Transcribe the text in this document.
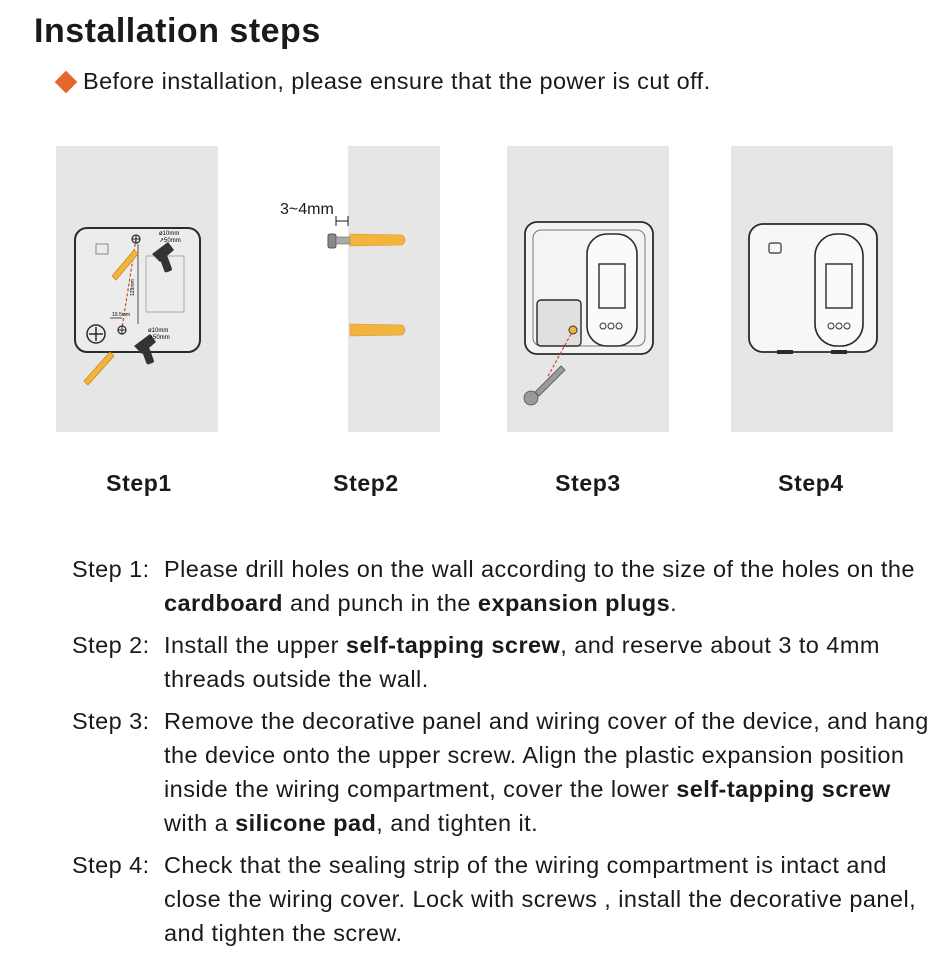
Installation steps
Before installation, please ensure that the power is cut off.
ø10mm
↗50mm
129mm
19.5mm
ø10mm
↗50mm
3~4mm
Step1	Step2	Step3	Step4
Step 1: Please drill holes on the wall according to the size of the holes on the cardboard and punch in the expansion plugs.
Step 2: Install the upper self-tapping screw, and reserve about 3 to 4mm threads outside the wall.
Step 3: Remove the decorative panel and wiring cover of the device, and hang the device onto the upper screw. Align the plastic expansion position inside the wiring compartment, cover the lower self-tapping screw with a silicone pad, and tighten it.
Step 4: Check that the sealing strip of the wiring compartment is intact and close the wiring cover. Lock with screws , install the decorative panel, and tighten the screw.
